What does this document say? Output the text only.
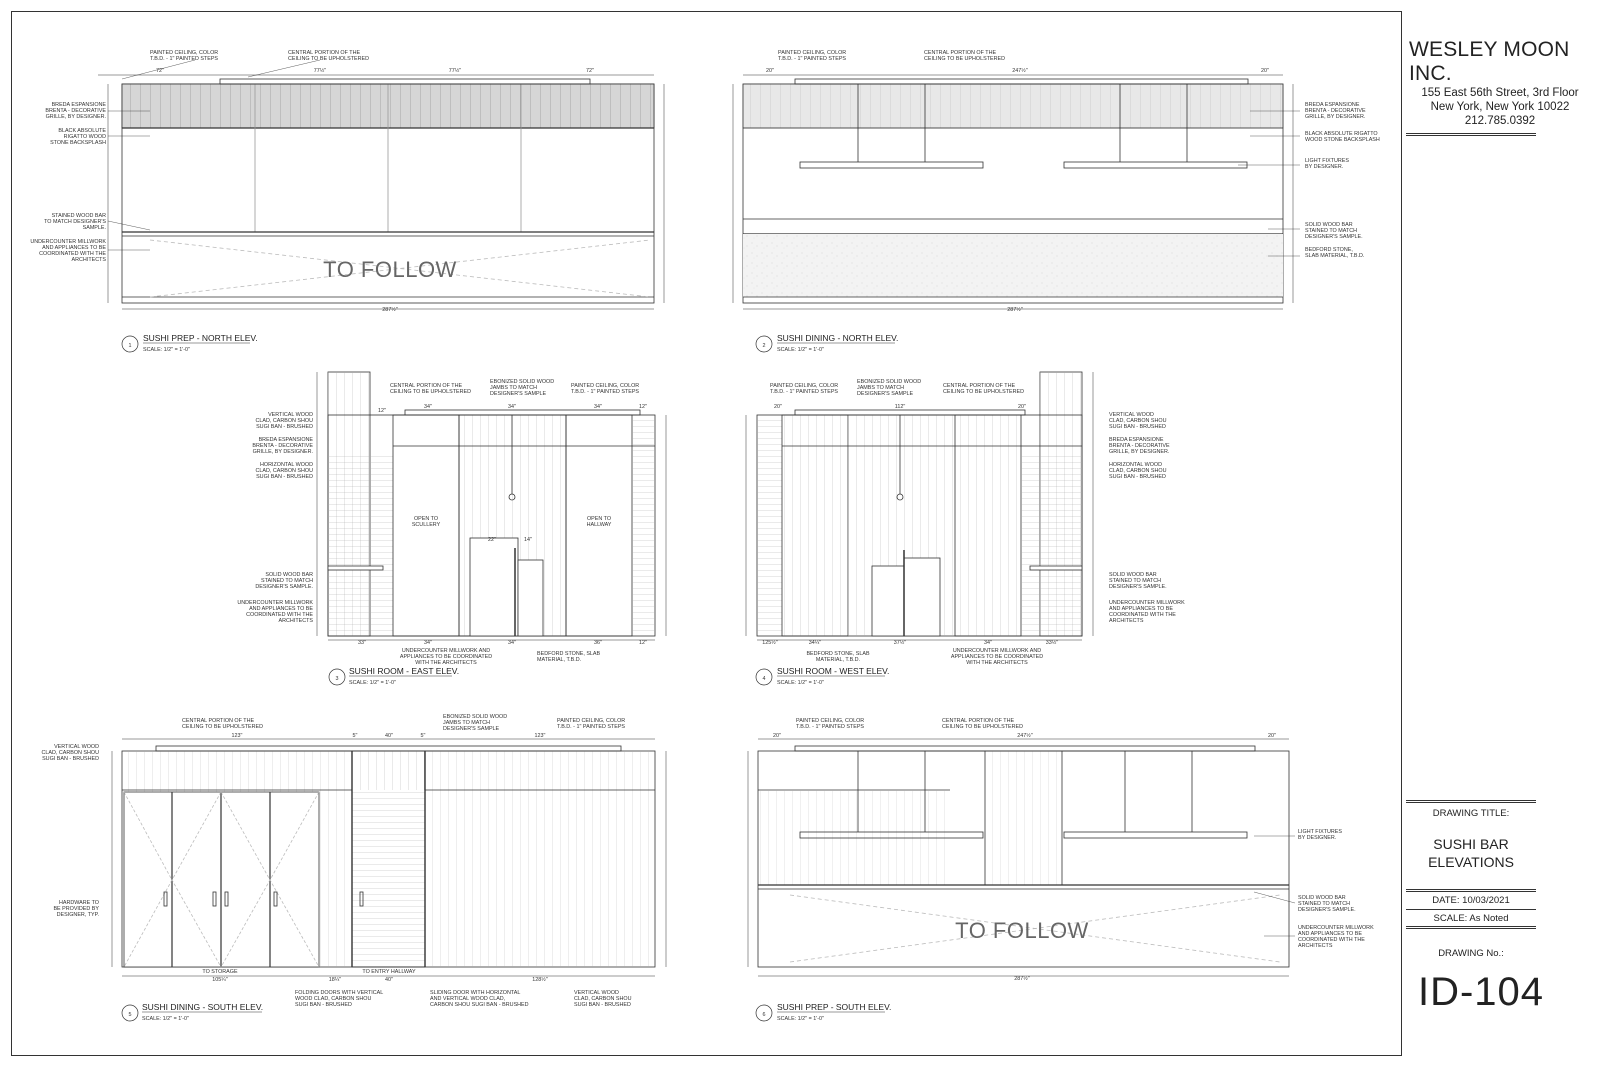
WESLEY MOON INC.
155 East 56th Street, 3rd Floor
New York, New York 10022
212.785.0392
DRAWING TITLE:
SUSHI BAR
ELEVATIONS
DATE: 10/03/2021
SCALE: As Noted
DRAWING No.:
ID-104
1
SUSHI PREP - NORTH ELEV.
SCALE: 1/2" = 1'-0"
2
SUSHI DINING - NORTH ELEV.
SCALE: 1/2" = 1'-0"
3
SUSHI ROOM - EAST ELEV.
SCALE: 1/2" = 1'-0"
4
SUSHI ROOM - WEST ELEV.
SCALE: 1/2" = 1'-0"
5
SUSHI DINING - SOUTH ELEV.
SCALE: 1/2" = 1'-0"
6
SUSHI PREP - SOUTH ELEV.
SCALE: 1/2" = 1'-0"
TO FOLLOW
TO FOLLOW
PAINTED CEILING, COLOR
T.B.D. - 1" PAINTED STEPS
CENTRAL PORTION OF THE
CEILING TO BE UPHOLSTERED
BREDA ESPANSIONE
BRENTA - DECORATIVE
GRILLE, BY DESIGNER.
BLACK ABSOLUTE
RIGATTO WOOD
STONE BACKSPLASH
STAINED WOOD BAR
TO MATCH DESIGNER'S
SAMPLE.
UNDERCOUNTER MILLWORK
AND APPLIANCES TO BE
COORDINATED WITH THE
ARCHITECTS
72"	77½"	77½"	72"
287½"
PAINTED CEILING, COLOR
T.B.D. - 1" PAINTED STEPS
CENTRAL PORTION OF THE
CEILING TO BE UPHOLSTERED
BREDA ESPANSIONE
BRENTA - DECORATIVE
GRILLE, BY DESIGNER.
BLACK ABSOLUTE RIGATTO
WOOD STONE BACKSPLASH
LIGHT FIXTURES
BY DESIGNER.
SOLID WOOD BAR
STAINED TO MATCH
DESIGNER'S SAMPLE.
BEDFORD STONE,
SLAB MATERIAL, T.B.D.
20"	247½"	20"
287½"
CENTRAL PORTION OF THE
CEILING TO BE UPHOLSTERED
EBONIZED SOLID WOOD
JAMBS TO MATCH
DESIGNER'S SAMPLE
PAINTED CEILING, COLOR
T.B.D. - 1" PAINTED STEPS
VERTICAL WOOD
CLAD, CARBON SHOU
SUGI BAN - BRUSHED
BREDA ESPANSIONE
BRENTA - DECORATIVE
GRILLE, BY DESIGNER.
HORIZONTAL WOOD
CLAD, CARBON SHOU
SUGI BAN - BRUSHED
SOLID WOOD BAR
STAINED TO MATCH
DESIGNER'S SAMPLE.
UNDERCOUNTER MILLWORK
AND APPLIANCES TO BE
COORDINATED WITH THE
ARCHITECTS
OPEN TO
SCULLERY
OPEN TO
HALLWAY
UNDERCOUNTER MILLWORK AND
APPLIANCES TO BE COORDINATED
WITH THE ARCHITECTS
BEDFORD STONE, SLAB
MATERIAL, T.B.D.
12"
34"	34"	34"	12"
22"	14"
33"	34"	34"	36"	12"
PAINTED CEILING, COLOR
T.B.D. - 1" PAINTED STEPS
EBONIZED SOLID WOOD
JAMBS TO MATCH
DESIGNER'S SAMPLE
CENTRAL PORTION OF THE
CEILING TO BE UPHOLSTERED
VERTICAL WOOD
CLAD, CARBON SHOU
SUGI BAN - BRUSHED
BREDA ESPANSIONE
BRENTA - DECORATIVE
GRILLE, BY DESIGNER.
HORIZONTAL WOOD
CLAD, CARBON SHOU
SUGI BAN - BRUSHED
SOLID WOOD BAR
STAINED TO MATCH
DESIGNER'S SAMPLE.
UNDERCOUNTER MILLWORK
AND APPLIANCES TO BE
COORDINATED WITH THE
ARCHITECTS
BEDFORD STONE, SLAB
MATERIAL, T.B.D.
UNDERCOUNTER MILLWORK AND
APPLIANCES TO BE COORDINATED
WITH THE ARCHITECTS
20"	112"	20"
125½"	34¼"	37½"	34"	33½"
CENTRAL PORTION OF THE
CEILING TO BE UPHOLSTERED
EBONIZED SOLID WOOD
JAMBS TO MATCH
DESIGNER'S SAMPLE
PAINTED CEILING, COLOR
T.B.D. - 1" PAINTED STEPS
VERTICAL WOOD
CLAD, CARBON SHOU
SUGI BAN - BRUSHED
HARDWARE TO
BE PROVIDED BY
DESIGNER, TYP.
TO STORAGE	TO ENTRY HALLWAY
FOLDING DOORS WITH VERTICAL
WOOD CLAD, CARBON SHOU
SUGI BAN - BRUSHED
SLIDING DOOR WITH HORIZONTAL
AND VERTICAL WOOD CLAD,
CARBON SHOU SUGI BAN - BRUSHED
VERTICAL WOOD
CLAD, CARBON SHOU
SUGI BAN - BRUSHED
123"	5"	40"	5"	123"
105¼"	18¼"	40"	128½"
PAINTED CEILING, COLOR
T.B.D. - 1" PAINTED STEPS
CENTRAL PORTION OF THE
CEILING TO BE UPHOLSTERED
LIGHT FIXTURES
BY DESIGNER.
SOLID WOOD BAR
STAINED TO MATCH
DESIGNER'S SAMPLE.
UNDERCOUNTER MILLWORK
AND APPLIANCES TO BE
COORDINATED WITH THE
ARCHITECTS
20"	247½"	20"
287½"
